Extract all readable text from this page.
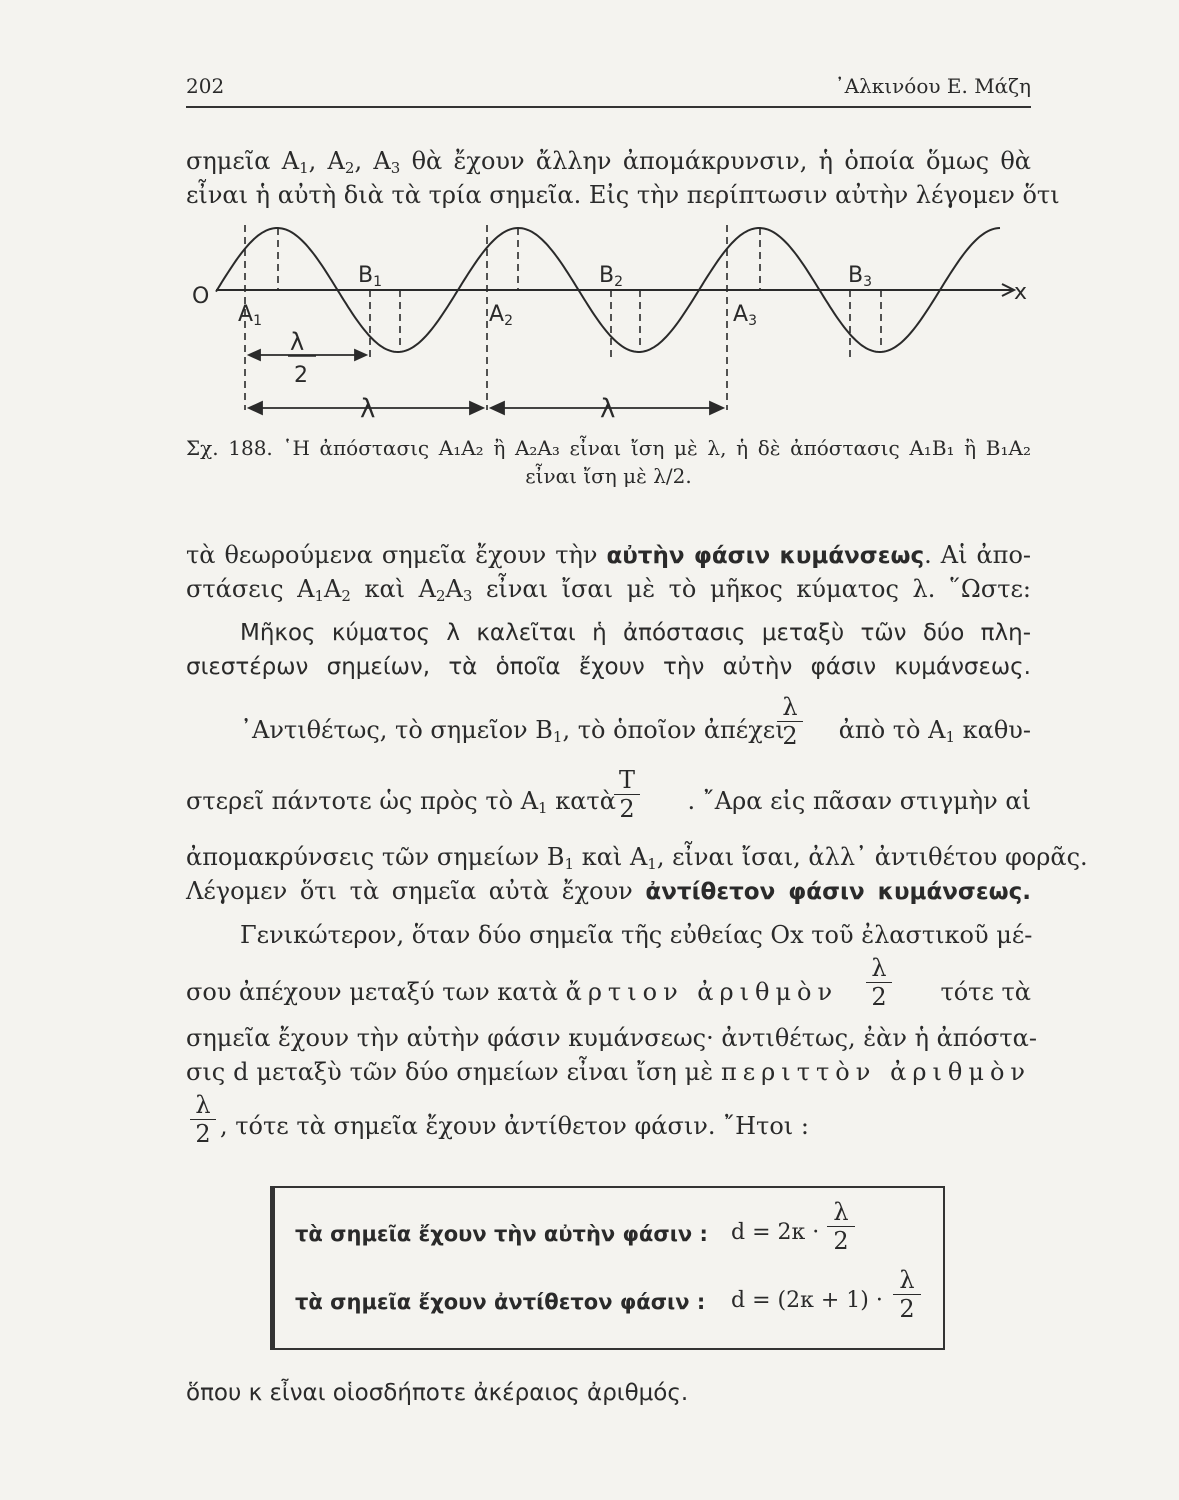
202	᾿Αλκινόου Ε. Μάζη
σημεῖα $A_1$, $A_2$, $A_3$ θὰ ἔχουν ἄλλην ἀπομάκρυνσιν, ἡ ὁποία ὅμως θὰ
εἶναι ἡ αὐτὴ διὰ τὰ τρία σημεῖα. Εἰς τὴν περίπτωσιν αὐτὴν λέγομεν ὅτι
O	x
A1	A2	A3
B1	B2	B3
λ
2
λ	λ
Σχ. 188. ῾Η ἀπόστασις A₁A₂ ἢ A₂A₃ εἶναι ἴση μὲ λ, ἡ δὲ ἀπόστασις A₁B₁ ἢ B₁A₂
εἶναι ἴση μὲ λ/2.
τὰ θεωρούμενα σημεῖα ἔχουν τὴν αὐτὴν φάσιν κυμάνσεως. Αἱ ἀπο-
στάσεις $A_1A_2$ καὶ $A_2A_3$ εἶναι ἴσαι μὲ τὸ μῆκος κύματος λ. ῞Ωστε:
Μῆκος κύματος λ καλεῖται ἡ ἀπόστασις μεταξὺ τῶν δύο πλη-
σιεστέρων σημείων, τὰ ὁποῖα ἔχουν τὴν αὐτὴν φάσιν κυμάνσεως.
᾿Αντιθέτως, τὸ σημεῖον $B_1$, τὸ ὁποῖον ἀπέχει
λ
2	ἀπὸ τὸ $A_1$ καθυ-
στερεῖ πάντοτε ὡς πρὸς τὸ $A_1$ κατὰ
T
2	. ῎Αρα εἰς πᾶσαν στιγμὴν αἱ
ἀπομακρύνσεις τῶν σημείων $B_1$ καὶ $A_1$, εἶναι ἴσαι, ἀλλ᾿ ἀντιθέτου φορᾶς.
Λέγομεν ὅτι τὰ σημεῖα αὐτὰ ἔχουν ἀντίθετον φάσιν κυμάνσεως.
Γενικώτερον, ὅταν δύο σημεῖα τῆς εὐθείας Ox τοῦ ἐλαστικοῦ μέ-
σου ἀπέχουν μεταξύ των κατὰ ἄρτιον ἀριθμὸν
λ
2	τότε τὰ
σημεῖα ἔχουν τὴν αὐτὴν φάσιν κυμάνσεως· ἀντιθέτως, ἐὰν ἡ ἀπόστα-
σις d μεταξὺ τῶν δύο σημείων εἶναι ἴση μὲ περιττὸν ἀριθμὸν
λ
2 , τότε τὰ σημεῖα ἔχουν ἀντίθετον φάσιν. ῎Ητοι :
τὰ σημεῖα ἔχουν τὴν αὐτὴν φάσιν : d = 2κ ·
λ
2
τὰ σημεῖα ἔχουν ἀντίθετον φάσιν : d = (2κ + 1) ·
λ
2
ὅπου κ εἶναι οἱοσδήποτε ἀκέραιος ἀριθμός.
